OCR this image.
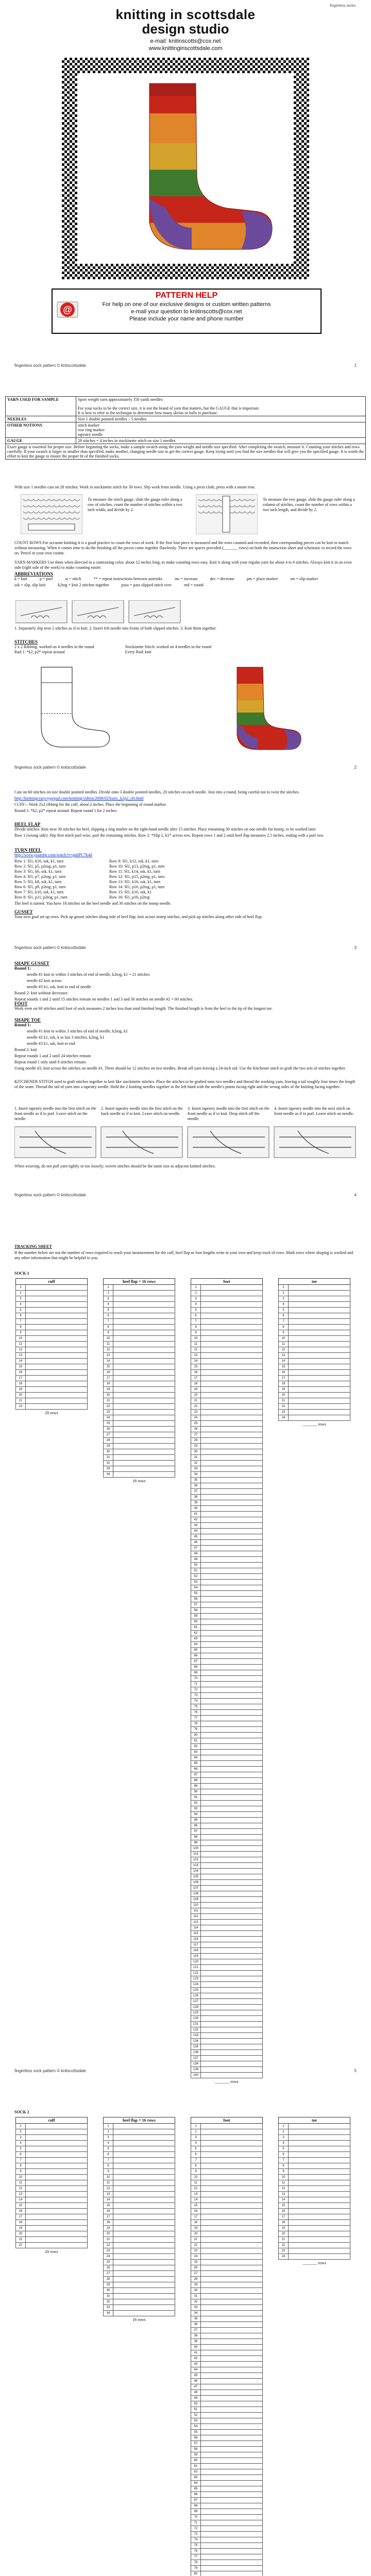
fingerless socks
knitting in scottsdale
design studio
e-mail: knitinscotts@cox.net
www.knittinginscottsdale.com
PATTERN HELP
For help on one of our exclusive designs or custom written patterns
e-mail your question to knitinscotts@cox.net
Please include your name and phone number
@
fingerless sock pattern © knitscottsdale	1
YARN USED FOR SAMPLE	Sport weight yarn approximately 350 yards needles
For your socks to be the correct size, it is not the brand of yarn that matters, but the GAUGE that is important.
It is best to refer to the technique to determine how many skeins or balls to purchase.

NEEDLES	Size 1 double pointed needles – 5 needles
OTHER NOTIONS	stitch marker
row ring marker
tapestry needle
GAUGE	28 stitches = 4 inches in stockinette stitch on size 1 needles
Exact gauge is essential for proper size. Before beginning the socks, make a sample swatch using the yarn weight and needle size specified. After completing the swatch, measure it. Counting your stitches and rows carefully. If your swatch is larger or smaller than specified, make another, changing needle size to get the correct gauge. Keep trying until you find the size needles that will give you the specified gauge. It is worth the effort to knit the gauge to ensure the proper fit of the finished socks.	
With size 1 needles cast on 28 stitches. Work in stockinette stitch for 30 rows. Slip work from needle. Using a press cloth, press with a steam iron.
To measure the stitch gauge, slide the gauge ruler along a row of stitches, count the number of stitches within a two inch width, and divide by 2.
To measure the row gauge, slide the gauge ruler along a column of stitches, count the number of rows within a two inch length, and divide by 2.
COUNT ROWS For accurate knitting it is a good practice to count the rows of work. If the first foot piece is measured and the rows counted and recorded, then corresponding pieces can be knit to match without measuring. When it comes time to do the finishing all the pieces come together flawlessly. There are spaces provided (_______ rows) on both the instruction sheet and schematic to record the rows on. Pencil in your own counts.
YARN MARKERS Use them when directed in a contrasting color, about 12 inches long, to make counting rows easy. Knit it along with your regular yarn for about 4 to 6 stitches. Always knit it in on even side (right side of the work) to make counting easier.
ABBREVIATIONS
k = knit	p = purl	st = stitch	** = repeat instructions between asterisks	inc = increase	dec = decrease	pm = place marker	sm = slip marker
ssk = slip, slip knit	k2tog = knit 2 stitches together	psso = pass slipped stitch over	rnd = round
1. Separately slip next 2 stitches as if to knit. 2. Insert left needle into fronts of both slipped stitches. 3. Knit them together.
STITCHES
2 x 2 Ribbing: worked on 4 needles in the round
Rnd 1: *k2, p2* repeat around
Stockinette Stitch: worked on 4 needles in the round
Every Rnd: knit
fingerless sock pattern © knitscottsdale	2

Cast on 60 stitches on size double pointed needles. Divide onto 3 double pointed needles, 20 stitches on each needle. Join into a round, being careful not to twist the stitches.

http://knittingcrazy.typepad.com/knitting/videos/2008/02/basic_k2p2_rib.html

CUFF—Work 2x2 ribbing for the cuff, about 2 inches. Place the beginning of round marker.

Round 1: *k2, p2* repeat around. Repeat round 1 for 2 inches.

HEEL FLAP

Divide stitches: Knit next 30 stitches for heel, slipping a ring marker on the right-hand needle after 15 stitches. Place remaining 30 stitches on one needle for instep, to be worked later.

Row 1 (wrong side): Slip first stitch purl-wise, purl the remaining stitches. Row 2: *Slip 1, k1* across row. Repeat rows 1 and 2 until heel flap measures 2.5 inches, ending with a purl row.

TURN HEEL

http://www.youtube.com/watch?v=gddPC7k4d

Row 1: Sl1, k16, ssk, k1, turn
Row 2: Sl1, p5, p2tog, p1, turn
Row 3: Sl1, k6, ssk, k1, turn
Row 4: Sl1, p7, p2tog, p1, turn
Row 5: Sl1, k8, ssk, k1, turn
Row 6: Sl1, p9, p2tog, p1, turn
Row 7: Sl1, k10, ssk, k1, turn
Row 8: Sl1, p11, p2tog, p1, turn
Row 9: Sl1, k12, ssk, k1, turn
Row 10: Sl1, p13, p2tog, p1, turn
Row 11: Sl1, k14, ssk, k1, turn
Row 12: Sl1, p15, p2tog, p1, turn
Row 13: Sl1, k16, ssk, k1, turn
Row 14: Sl1, p16, p2tog, p1, turn
Row 15: Sl1, k16, ssk, k1
Row 16: Sl1, p16, p2tog

The heel is turned. You have 18 stitches on the heel needle and 30 stitches on the instep needle.

GUSSET

Your next goal set up rows. Pick up gusset stitches along side of heel flap, knit across instep stitches, and pick up stitches along other side of heel flap.

fingerless sock pattern © knitscottsdale	3
SHAPE GUSSET

Round 1:

needle #1 knit to within 3 stitches of end of needle, k2tog, k1 = 21 stitches

needle #2 knit across

needle #3 k1, ssk, knit to end of needle

Round 2: knit without decreases

Repeat rounds 1 and 2 until 15 stitches remain on needles 1 and 3 and 30 stitches on needle #2 = 60 stitches.

FOOT

Work even on 60 stitches until foot of sock measures 2 inches less than total finished length. The finished length is from the heel to the tip of the longest toe.

SHAPE TOE

Round 1:

needle #1 knit to within 3 stitches of end of needle, k2tog, k1

needle #2 k1, ssk, k to last 3 stitches, k2tog, k1

needle #3 k1, ssk, knit to end

Round 2: knit

Repeat rounds 1 and 2 until 24 stitches remain

Repeat round 1 only until 8 stitches remain.

Using needle #3, knit across the stitches on needle #1. There should be 12 stitches on two needles. Break off yarn leaving a 24-inch tail. Use the Kitchener stitch to graft the two sets of stitches together.

KITCHENER STITCH used to graft stitches together to knit like stockinette stitches. Place the stitches to be grafted onto two needles and thread the working yarn, leaving a tail roughly four times the length of the seam. Thread the tail of yarn into a tapestry needle. Hold the 2 knitting needles together in the left hand with the needle's points facing right and the wrong sides of the knitting facing together.

1. Insert tapestry needle into the first stitch on the front needle as if to purl. Leave stitch on the needle.
2. Insert tapestry needle into the first stitch on the back needle as if to knit. Leave stitch on needle.
3. Insert tapestry needle into the first stitch on the front needle as if to knit. Drop stitch off the needle.
4. Insert tapestry needle into the next stitch on front needle as if to purl. Leave stitch on needle.
When weaving, do not pull yarn tightly or too loosely; woven stitches should be the same size as adjacent knitted stitches.
fingerless sock pattern © knitscottsdale	4

TRACKING SHEET

If the number below are not the number of rows required to reach your measurement for the cuff, heel flap or foot lengths write in your own and keep track of rows. Mark rows where shaping is worked and any other information that might be helpful to you.

SOCK 1
cuff
1
2
3
4
5
6
7
8
9
10
11
12
13
14
15
16
17
18
19
20
21
22
20 rows
heel flap + 16 rows
1
2
3
4
5
6
7
8
9
10
11
12
13
14
15
16
17
18
19
20
21
22
23
24
25
26
27
28
29
30
31
32
33
34
16 rows
foot
1
2
3
4
5
6
7
8
9
10
11
12
13
14
15
16
17
18
19
20
21
22
23
24
25
26
27
28
29
30
31
32
33
34
35
36
37
38
39
40
41
42
43
44
45
46
47
48
49
50
51
52
53
54
55
56
57
58
59
60
61
62
63
64
65
66
67
68
69
70
71
72
73
74
75
76
77
78
79
80
81
82
83
84
85
86
87
88
89
90
91
92
93
94
95
96
97
98
99
100
101
102
103
104
105
106
107
108
109
110
111
112
113
114
115
116
117
118
119
120
121
122
123
124
125
126
127
128
129
130
131
132
133
134
135
136
137
138
139
140
_______ rows
toe
1
2
3
4
5
6
7
8
9
10
11
12
13
14
15
16
17
18
19
20
21
22
23
24
_______ rows
fingerless sock pattern © knitscottsdale	5
SOCK 2
cuff
1
2
3
4
5
6
7
8
9
10
11
12
13
14
15
16
17
18
19
20
21
22
20 rows
heel flap + 16 rows
1
2
3
4
5
6
7
8
9
10
11
12
13
14
15
16
17
18
19
20
21
22
23
24
25
26
27
28
29
30
31
32
33
34
16 rows
foot
1
2
3
4
5
6
7
8
9
10
11
12
13
14
15
16
17
18
19
20
21
22
23
24
25
26
27
28
29
30
31
32
33
34
35
36
37
38
39
40
41
42
43
44
45
46
47
48
49
50
51
52
53
54
55
56
57
58
59
60
61
62
63
64
65
66
67
68
69
70
71
72
73
74
75
76
77
78
79
80
toe
1
2
3
4
5
6
7
8
9
10
11
12
13
14
15
16
17
18
19
20
21
22
23
24
_______ rows
